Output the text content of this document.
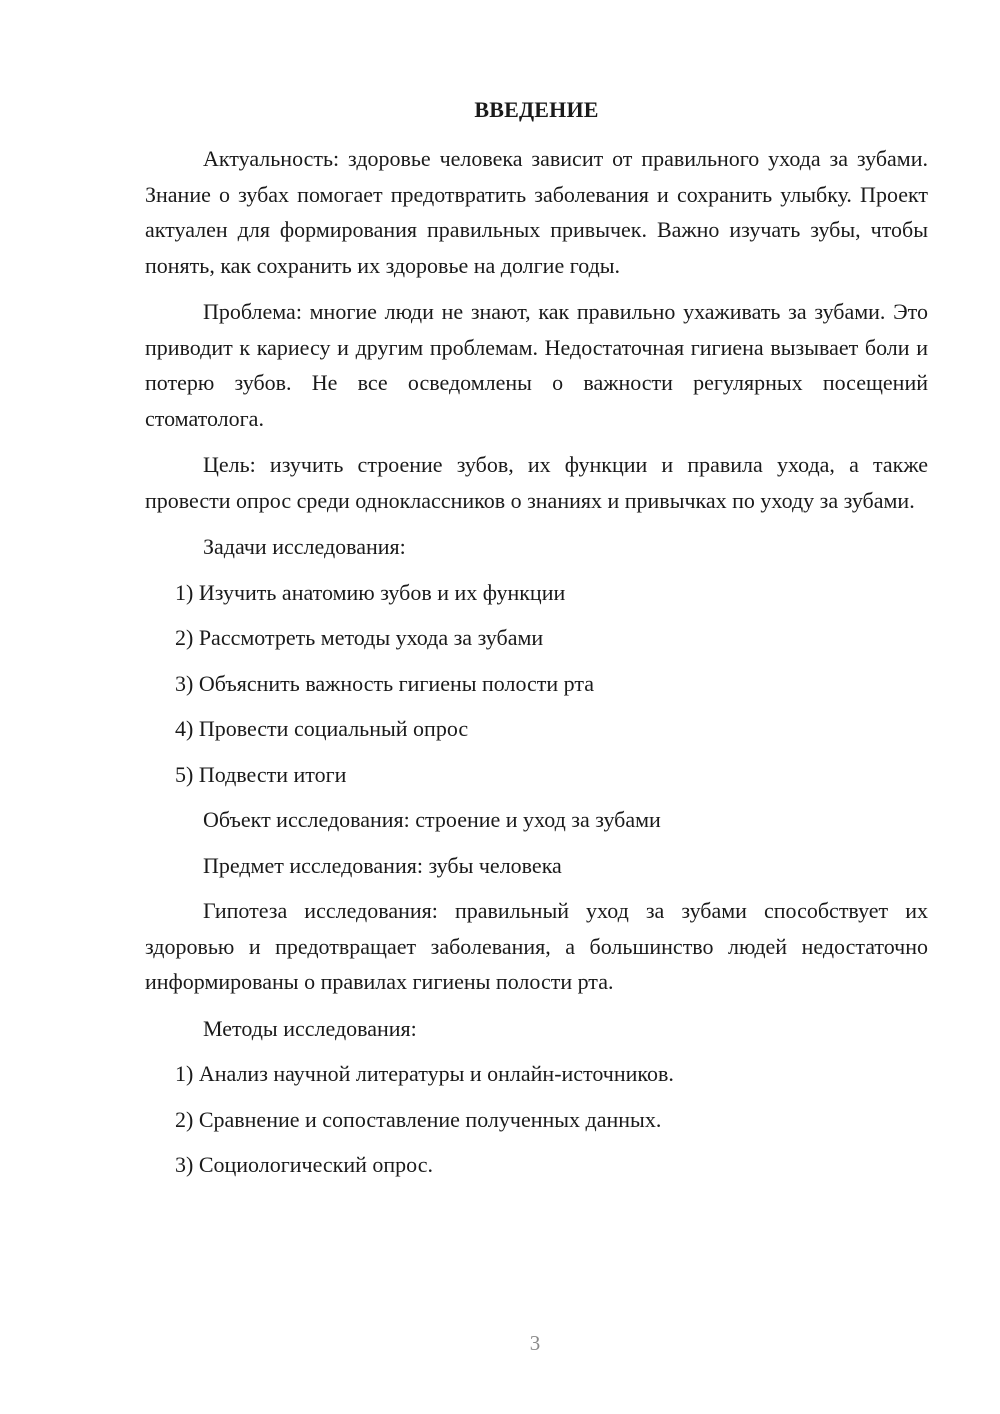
ВВЕДЕНИЕ

Актуальность: здоровье человека зависит от правильного ухода за зубами. Знание о зубах помогает предотвратить заболевания и сохранить улыбку. Проект актуален для формирования правильных привычек. Важно изучать зубы, чтобы понять, как сохранить их здоровье на долгие годы.

Проблема: многие люди не знают, как правильно ухаживать за зубами. Это приводит к кариесу и другим проблемам. Недостаточная гигиена вызывает боли и потерю зубов. Не все осведомлены о важности регулярных посещений стоматолога.

Цель: изучить строение зубов, их функции и правила ухода, а также провести опрос среди одноклассников о знаниях и привычках по уходу за зубами.

Задачи исследования:
1) Изучить анатомию зубов и их функции
2) Рассмотреть методы ухода за зубами
3) Объяснить важность гигиены полости рта
4) Провести социальный опрос
5) Подвести итоги
Объект исследования: строение и уход за зубами
Предмет исследования: зубы человека

Гипотеза исследования: правильный уход за зубами способствует их здоровью и предотвращает заболевания, а большинство людей недостаточно информированы о правилах гигиены полости рта.

Методы исследования:
1) Анализ научной литературы и онлайн-источников.
2) Сравнение и сопоставление полученных данных.
3) Социологический опрос.
3
